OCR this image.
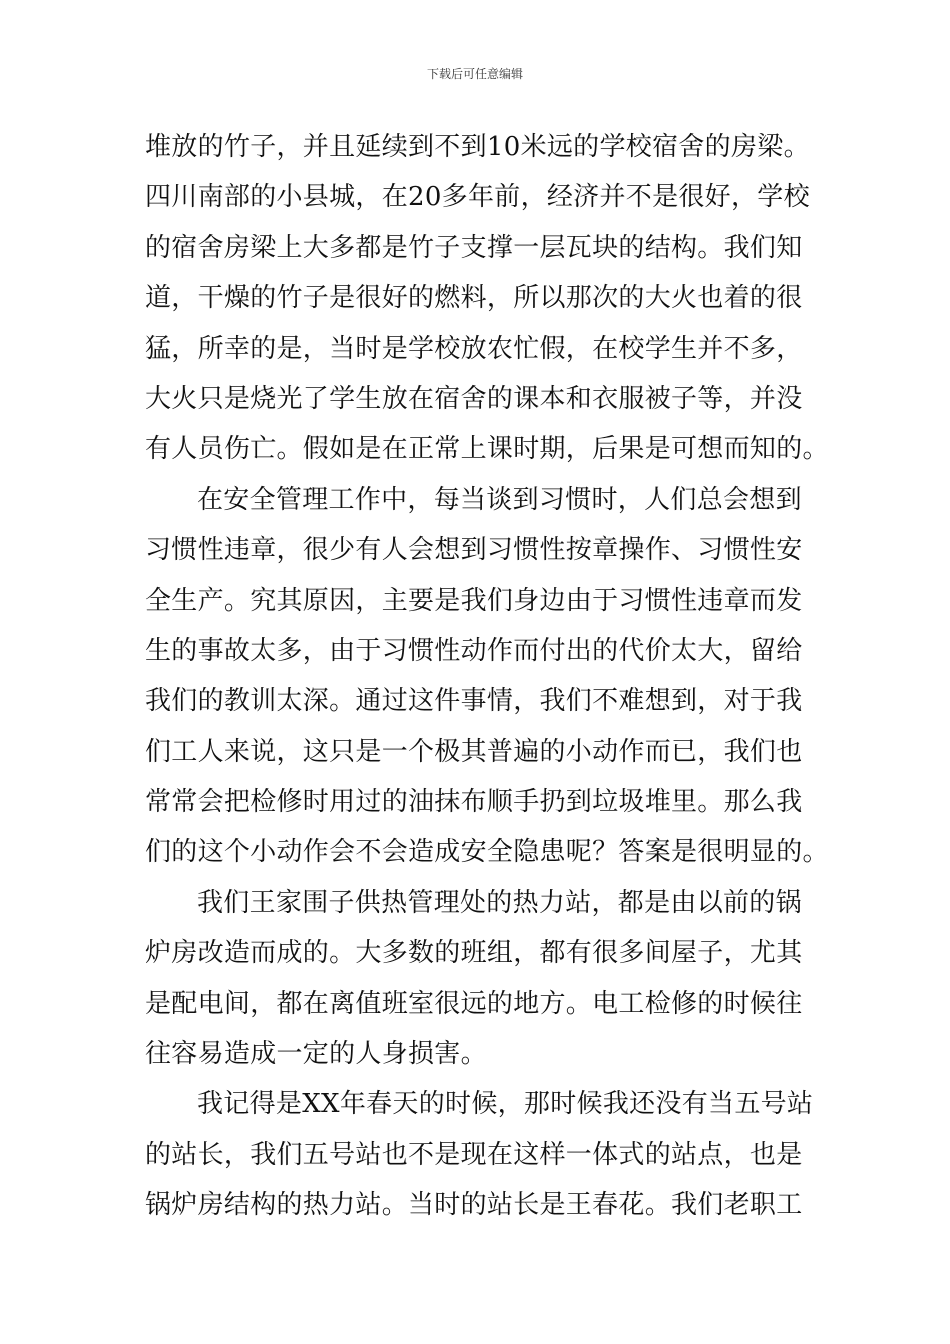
下载后可任意编辑
堆放的竹子，并且延续到不到10米远的学校宿舍的房梁。
四川南部的小县城，在20多年前，经济并不是很好，学校
的宿舍房梁上大多都是竹子支撑一层瓦块的结构。我们知
道，干燥的竹子是很好的燃料，所以那次的大火也着的很
猛，所幸的是，当时是学校放农忙假，在校学生并不多，
大火只是烧光了学生放在宿舍的课本和衣服被子等，并没
有人员伤亡。假如是在正常上课时期，后果是可想而知的。
在安全管理工作中，每当谈到习惯时，人们总会想到
习惯性违章，很少有人会想到习惯性按章操作、习惯性安
全生产。究其原因，主要是我们身边由于习惯性违章而发
生的事故太多，由于习惯性动作而付出的代价太大，留给
我们的教训太深。通过这件事情，我们不难想到，对于我
们工人来说，这只是一个极其普遍的小动作而已，我们也
常常会把检修时用过的油抹布顺手扔到垃圾堆里。那么我
们的这个小动作会不会造成安全隐患呢？答案是很明显的。
我们王家围子供热管理处的热力站，都是由以前的锅
炉房改造而成的。大多数的班组，都有很多间屋子，尤其
是配电间，都在离值班室很远的地方。电工检修的时候往
往容易造成一定的人身损害。
我记得是XX年春天的时候，那时候我还没有当五号站
的站长，我们五号站也不是现在这样一体式的站点，也是
锅炉房结构的热力站。当时的站长是王春花。我们老职工
